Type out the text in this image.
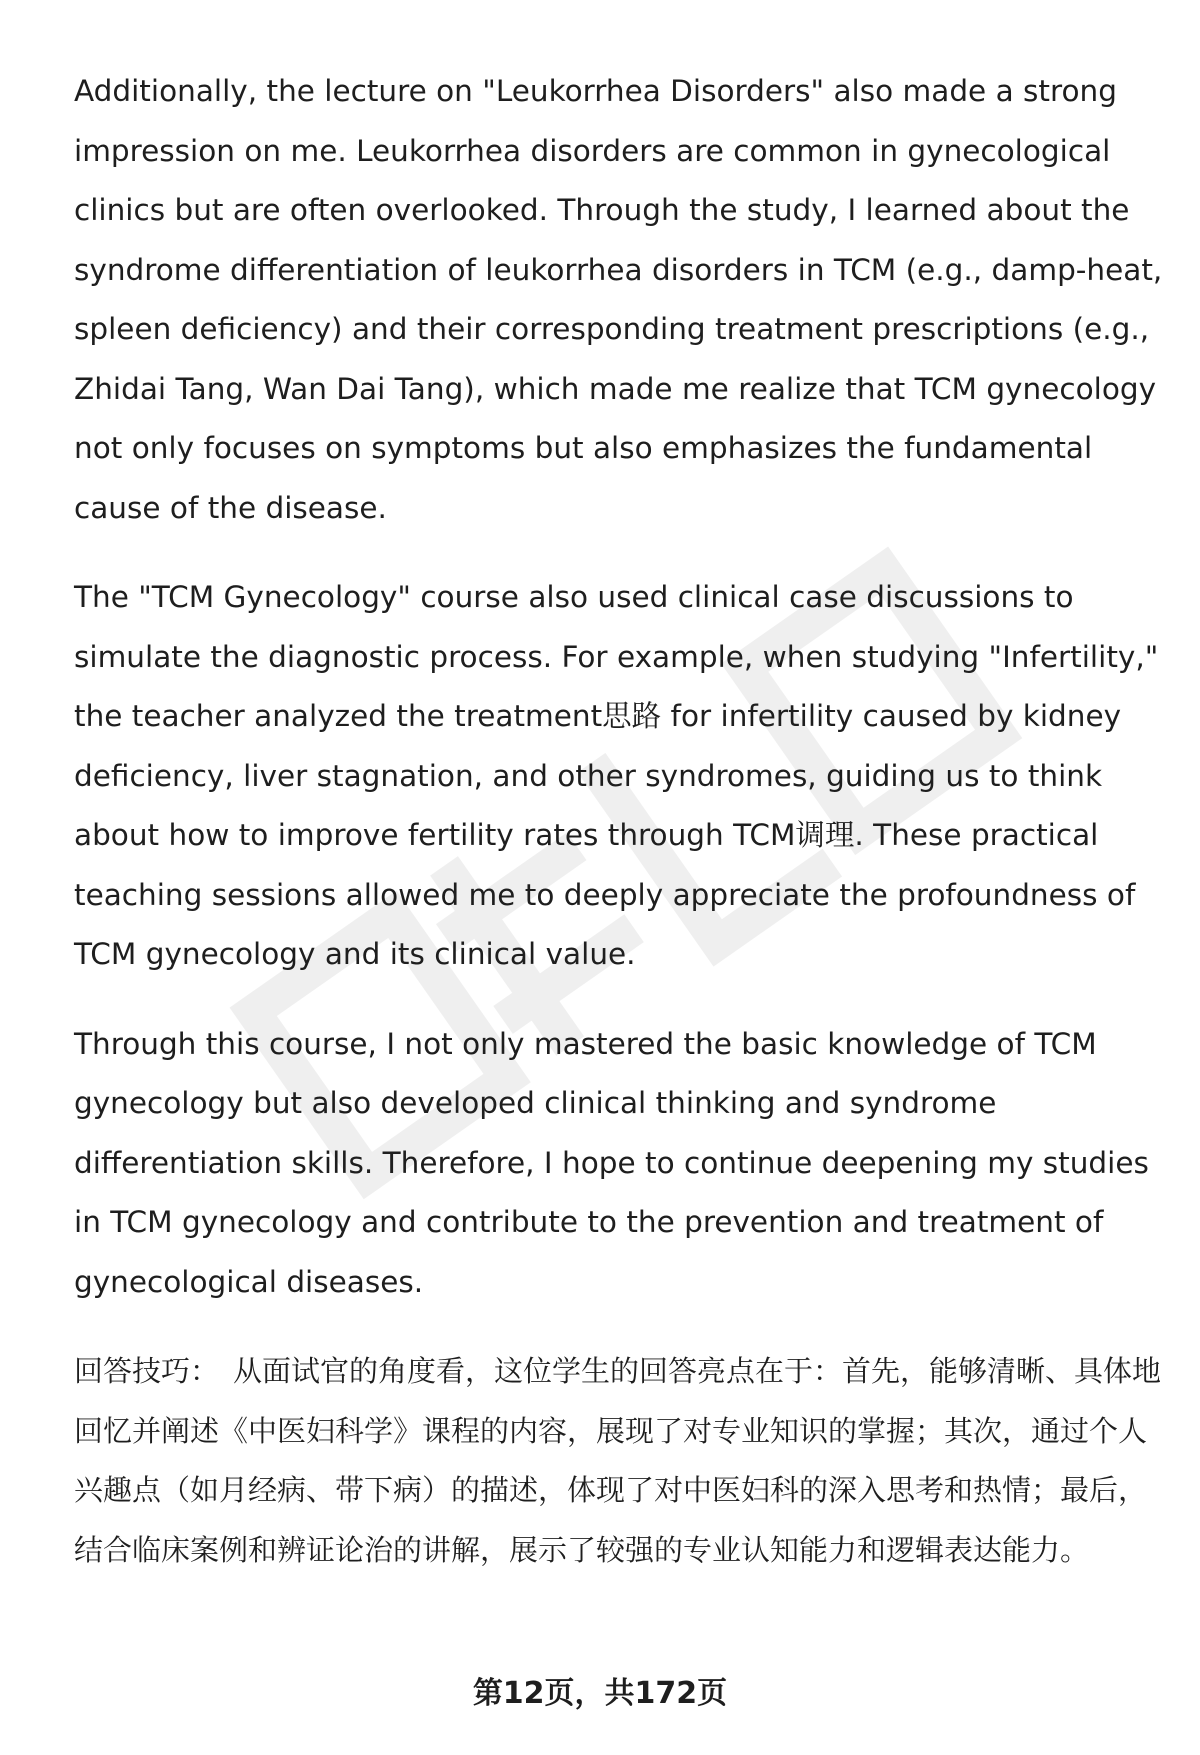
Additionally, the lecture on "Leukorrhea Disorders" also made a strong impression on me. Leukorrhea disorders are common in gynecological clinics but are often overlooked. Through the study, I learned about the syndrome differentiation of leukorrhea disorders in TCM (e.g., damp-heat, spleen deficiency) and their corresponding treatment prescriptions (e.g., Zhidai Tang, Wan Dai Tang), which made me realize that TCM gynecology not only focuses on symptoms but also emphasizes the fundamental cause of the disease.

The "TCM Gynecology" course also used clinical case discussions to simulate the diagnostic process. For example, when studying "Infertility," the teacher analyzed the treatment思路 for infertility caused by kidney deficiency, liver stagnation, and other syndromes, guiding us to think about how to improve fertility rates through TCM调理. These practical teaching sessions allowed me to deeply appreciate the profoundness of TCM gynecology and its clinical value.

Through this course, I not only mastered the basic knowledge of TCM gynecology but also developed clinical thinking and syndrome differentiation skills. Therefore, I hope to continue deepening my studies in TCM gynecology and contribute to the prevention and treatment of gynecological diseases.

回答技巧： 从面试官的角度看，这位学生的回答亮点在于：首先，能够清晰、具体地回忆并阐述《中医妇科学》课程的内容，展现了对专业知识的掌握；其次，通过个人兴趣点（如月经病、带下病）的描述，体现了对中医妇科的深入思考和热情；最后，结合临床案例和辨证论治的讲解，展示了较强的专业认知能力和逻辑表达能力。

第12页，共172页
